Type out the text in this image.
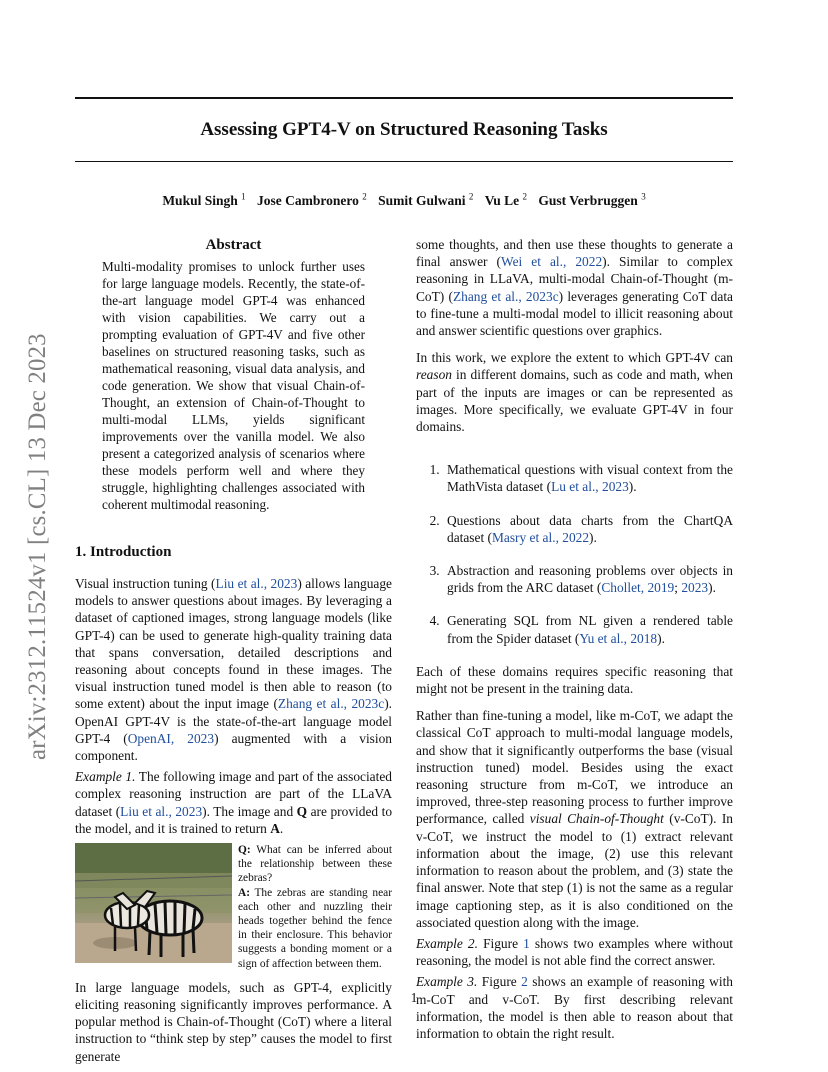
Assessing GPT4-V on Structured Reasoning Tasks
Mukul Singh $^1$ Jose Cambronero $^2$ Sumit Gulwani $^2$ Vu Le $^2$ Gust Verbruggen $^3$
arXiv:2312.11524v1 [cs.CL] 13 Dec 2023
Abstract

Multi-modality promises to unlock further uses for large language models. Recently, the state-of-the-art language model GPT-4 was enhanced with vision capabilities. We carry out a prompting evaluation of GPT-4V and five other baselines on structured reasoning tasks, such as mathematical reasoning, visual data analysis, and code generation. We show that visual Chain-of-Thought, an extension of Chain-of-Thought to multi-modal LLMs, yields significant improvements over the vanilla model. We also present a categorized analysis of scenarios where these models perform well and where they struggle, highlighting challenges associated with coherent multimodal reasoning.

1. Introduction

Visual instruction tuning (Liu et al., 2023) allows language models to answer questions about images. By leveraging a dataset of captioned images, strong language models (like GPT-4) can be used to generate high-quality training data that spans conversation, detailed descriptions and reasoning about concepts found in these images. The visual instruction tuned model is then able to reason (to some extent) about the input image (Zhang et al., 2023c). OpenAI GPT-4V is the state-of-the-art language model GPT-4 (OpenAI, 2023) augmented with a vision component.

Example 1. The following image and part of the associated complex reasoning instruction are part of the LLaVA dataset (Liu et al., 2023). The image and Q are provided to the model, and it is trained to return A.

Q: What can be inferred about the relationship between these zebras?
A: The zebras are standing near each other and nuzzling their heads together behind the fence in their enclosure. This behavior suggests a bonding moment or a sign of affection between them.

In large language models, such as GPT-4, explicitly eliciting reasoning significantly improves performance. A popular method is Chain-of-Thought (CoT) where a literal instruction to “think step by step” causes the model to first generate

some thoughts, and then use these thoughts to generate a final answer (Wei et al., 2022). Similar to complex reasoning in LLaVA, multi-modal Chain-of-Thought (m-CoT) (Zhang et al., 2023c) leverages generating CoT data to fine-tune a multi-modal model to illicit reasoning about and answer scientific questions over graphics.

In this work, we explore the extent to which GPT-4V can reason in different domains, such as code and math, when part of the inputs are images or can be represented as images. More specifically, we evaluate GPT-4V in four domains.

1. Mathematical questions with visual context from the MathVista dataset (Lu et al., 2023).
2. Questions about data charts from the ChartQA dataset (Masry et al., 2022).
3. Abstraction and reasoning problems over objects in grids from the ARC dataset (Chollet, 2019; 2023).
4. Generating SQL from NL given a rendered table from the Spider dataset (Yu et al., 2018).

Each of these domains requires specific reasoning that might not be present in the training data.

Rather than fine-tuning a model, like m-CoT, we adapt the classical CoT approach to multi-modal language models, and show that it significantly outperforms the base (visual instruction tuned) model. Besides using the exact reasoning structure from m-CoT, we introduce an improved, three-step reasoning process to further improve performance, called visual Chain-of-Thought (v-CoT). In v-CoT, we instruct the model to (1) extract relevant information about the image, (2) use this relevant information to reason about the problem, and (3) state the final answer. Note that step (1) is not the same as a regular image captioning step, as it is also conditioned on the associated question along with the image.

Example 2. Figure 1 shows two examples where without reasoning, the model is not able find the correct answer.

Example 3. Figure 2 shows an example of reasoning with m-CoT and v-CoT. By first describing relevant information, the model is then able to reason about that information to obtain the right result.

1
